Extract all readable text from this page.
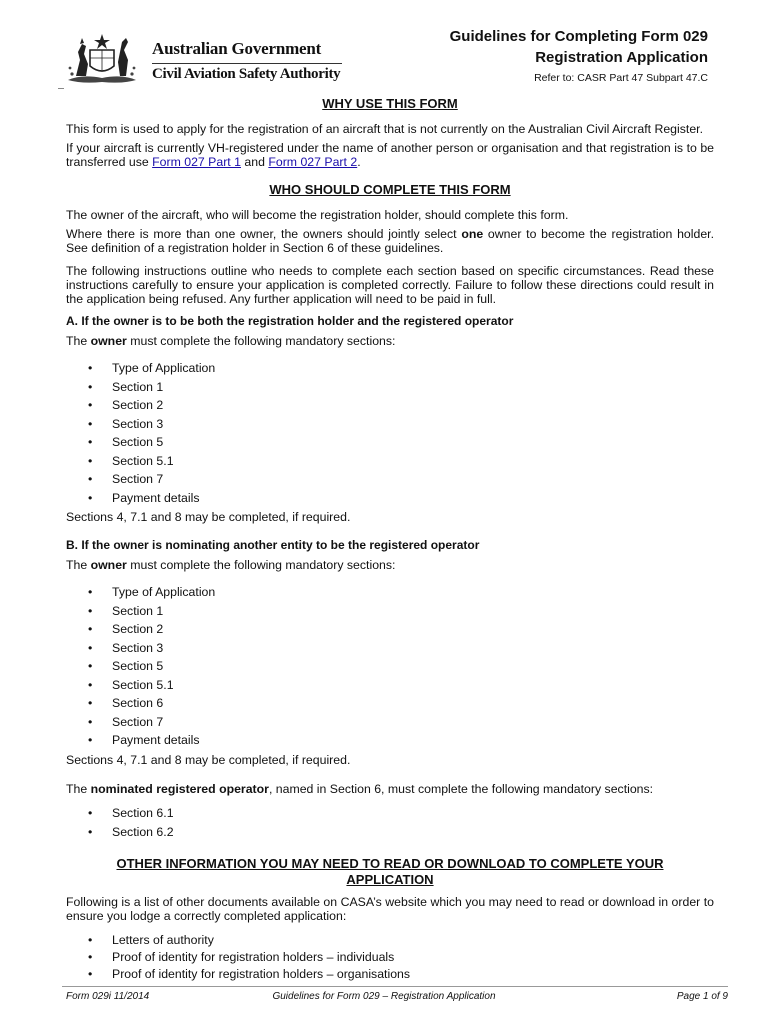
Australian Government
Civil Aviation Safety Authority
Guidelines for Completing Form 029
Registration Application
Refer to: CASR Part 47 Subpart 47.C
WHY USE THIS FORM

This form is used to apply for the registration of an aircraft that is not currently on the Australian Civil Aircraft Register.

If your aircraft is currently VH-registered under the name of another person or organisation and that registration is to be transferred use Form 027 Part 1 and Form 027 Part 2.

WHO SHOULD COMPLETE THIS FORM

The owner of the aircraft, who will become the registration holder, should complete this form.

Where there is more than one owner, the owners should jointly select one owner to become the registration holder. See definition of a registration holder in Section 6 of these guidelines.

The following instructions outline who needs to complete each section based on specific circumstances. Read these instructions carefully to ensure your application is completed correctly. Failure to follow these directions could result in the application being refused. Any further application will need to be paid in full.

A. If the owner is to be both the registration holder and the registered operator

The owner must complete the following mandatory sections:

• Type of Application
• Section 1
• Section 2
• Section 3
• Section 5
• Section 5.1
• Section 7
• Payment details

Sections 4, 7.1 and 8 may be completed, if required.

B. If the owner is nominating another entity to be the registered operator

The owner must complete the following mandatory sections:

• Type of Application
• Section 1
• Section 2
• Section 3
• Section 5
• Section 5.1
• Section 6
• Section 7
• Payment details

Sections 4, 7.1 and 8 may be completed, if required.

The nominated registered operator, named in Section 6, must complete the following mandatory sections:

• Section 6.1
• Section 6.2
OTHER INFORMATION YOU MAY NEED TO READ OR DOWNLOAD TO COMPLETE YOUR
APPLICATION

Following is a list of other documents available on CASA’s website which you may need to read or download in order to ensure you lodge a correctly completed application:

• Letters of authority
• Proof of identity for registration holders – individuals
• Proof of identity for registration holders – organisations
Form 029i 11/2014	Guidelines for Form 029 – Registration Application	Page 1 of 9
